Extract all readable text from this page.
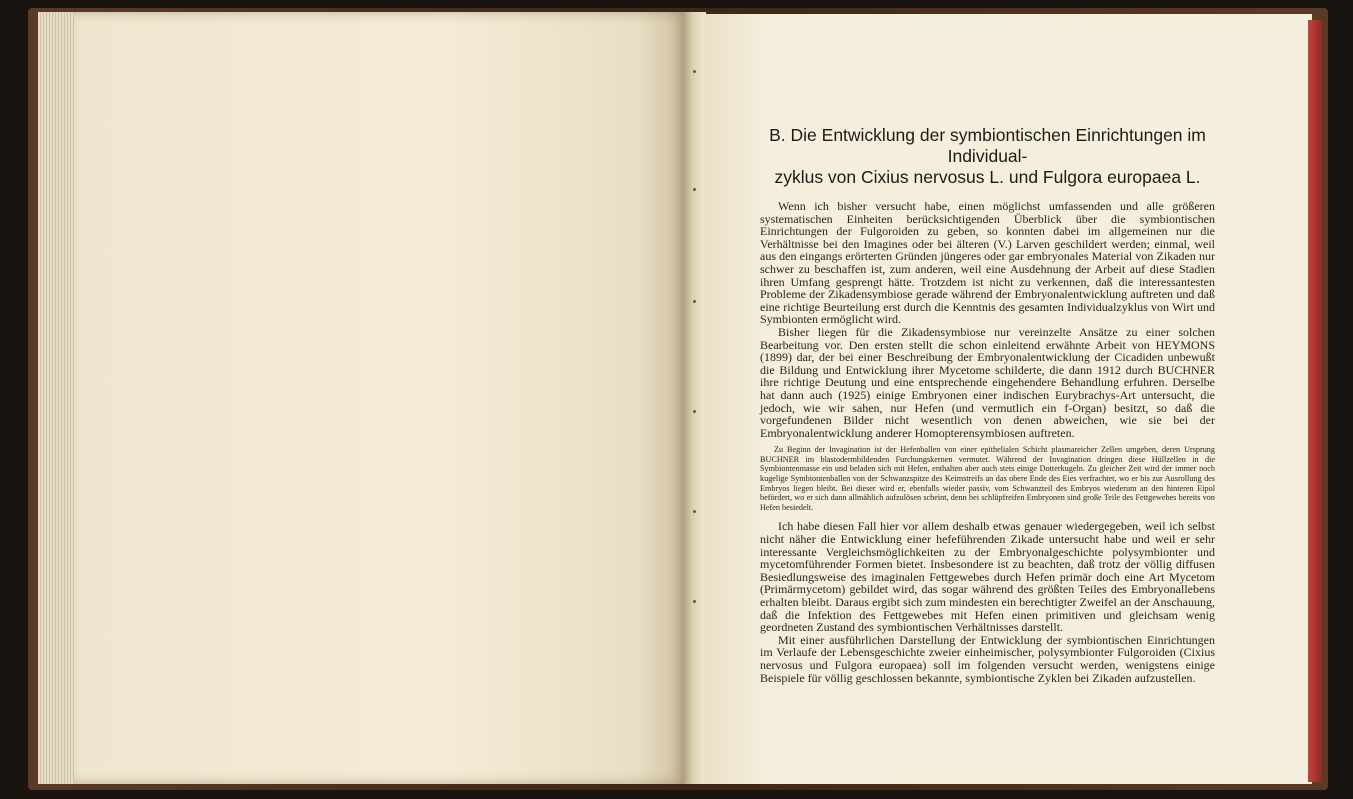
B. Die Entwicklung der symbiontischen Einrichtungen im Individual-
zyklus von Cixius nervosus L. und Fulgora europaea L.

Wenn ich bisher versucht habe, einen möglichst umfassenden und alle größeren systematischen Einheiten berücksichtigenden Überblick über die symbiontischen Einrichtungen der Fulgoroiden zu geben, so konnten dabei im allgemeinen nur die Verhältnisse bei den Imagines oder bei älteren (V.) Larven geschildert werden; einmal, weil aus den eingangs erörterten Gründen jüngeres oder gar embryonales Material von Zikaden nur schwer zu beschaffen ist, zum anderen, weil eine Ausdehnung der Arbeit auf diese Stadien ihren Umfang gesprengt hätte. Trotzdem ist nicht zu verkennen, daß die interessantesten Probleme der Zikadensymbiose gerade während der Embryonalentwicklung auftreten und daß eine richtige Beurteilung erst durch die Kenntnis des gesamten Individualzyklus von Wirt und Symbionten ermöglicht wird.

Bisher liegen für die Zikadensymbiose nur vereinzelte Ansätze zu einer solchen Bearbeitung vor. Den ersten stellt die schon einleitend erwähnte Arbeit von HEYMONS (1899) dar, der bei einer Beschreibung der Embryonalentwicklung der Cicadiden unbewußt die Bildung und Entwicklung ihrer Mycetome schilderte, die dann 1912 durch BUCHNER ihre richtige Deutung und eine entsprechende eingehendere Behandlung erfuhren. Derselbe hat dann auch (1925) einige Embryonen einer indischen Eurybrachys-Art untersucht, die jedoch, wie wir sahen, nur Hefen (und vermutlich ein f-Organ) besitzt, so daß die vorgefundenen Bilder nicht wesentlich von denen abweichen, wie sie bei der Embryonalentwicklung anderer Homopterensymbiosen auftreten.

Zu Beginn der Invagination ist der Hefenballen von einer epithelialen Schicht plasmareicher Zellen umgeben, deren Ursprung BUCHNER im blastodermbildenden Furchungskernen vermutet. Während der Invagination dringen diese Hüllzellen in die Symbiontenmasse ein und beladen sich mit Hefen, enthalten aber auch stets einige Dotterkugeln. Zu gleicher Zeit wird der immer noch kugelige Symbiontenballen von der Schwanzspitze des Keimstreifs an das obere Ende des Eies verfrachtet, wo er bis zur Ausrollung des Embryos liegen bleibt. Bei dieser wird er, ebenfalls wieder passiv, vom Schwanzteil des Embryos wiederum an den hinteren Eipol befördert, wo er sich dann allmählich aufzulösen scheint, denn bei schlüpfreifen Embryonen sind große Teile des Fettgewebes bereits von Hefen besiedelt.

Ich habe diesen Fall hier vor allem deshalb etwas genauer wiedergegeben, weil ich selbst nicht näher die Entwicklung einer hefeführenden Zikade untersucht habe und weil er sehr interessante Vergleichsmöglichkeiten zu der Embryonalgeschichte polysymbionter und mycetomführender Formen bietet. Insbesondere ist zu beachten, daß trotz der völlig diffusen Besiedlungsweise des imaginalen Fettgewebes durch Hefen primär doch eine Art Mycetom (Primärmycetom) gebildet wird, das sogar während des größten Teiles des Embryonallebens erhalten bleibt. Daraus ergibt sich zum mindesten ein berechtigter Zweifel an der Anschauung, daß die Infektion des Fettgewebes mit Hefen einen primitiven und gleichsam wenig geordneten Zustand des symbiontischen Verhältnisses darstellt.

Mit einer ausführlichen Darstellung der Entwicklung der symbiontischen Einrichtungen im Verlaufe der Lebensgeschichte zweier einheimischer, polysymbionter Fulgoroiden (Cixius nervosus und Fulgora europaea) soll im folgenden versucht werden, wenigstens einige Beispiele für völlig geschlossen bekannte, symbiontische Zyklen bei Zikaden aufzustellen.
